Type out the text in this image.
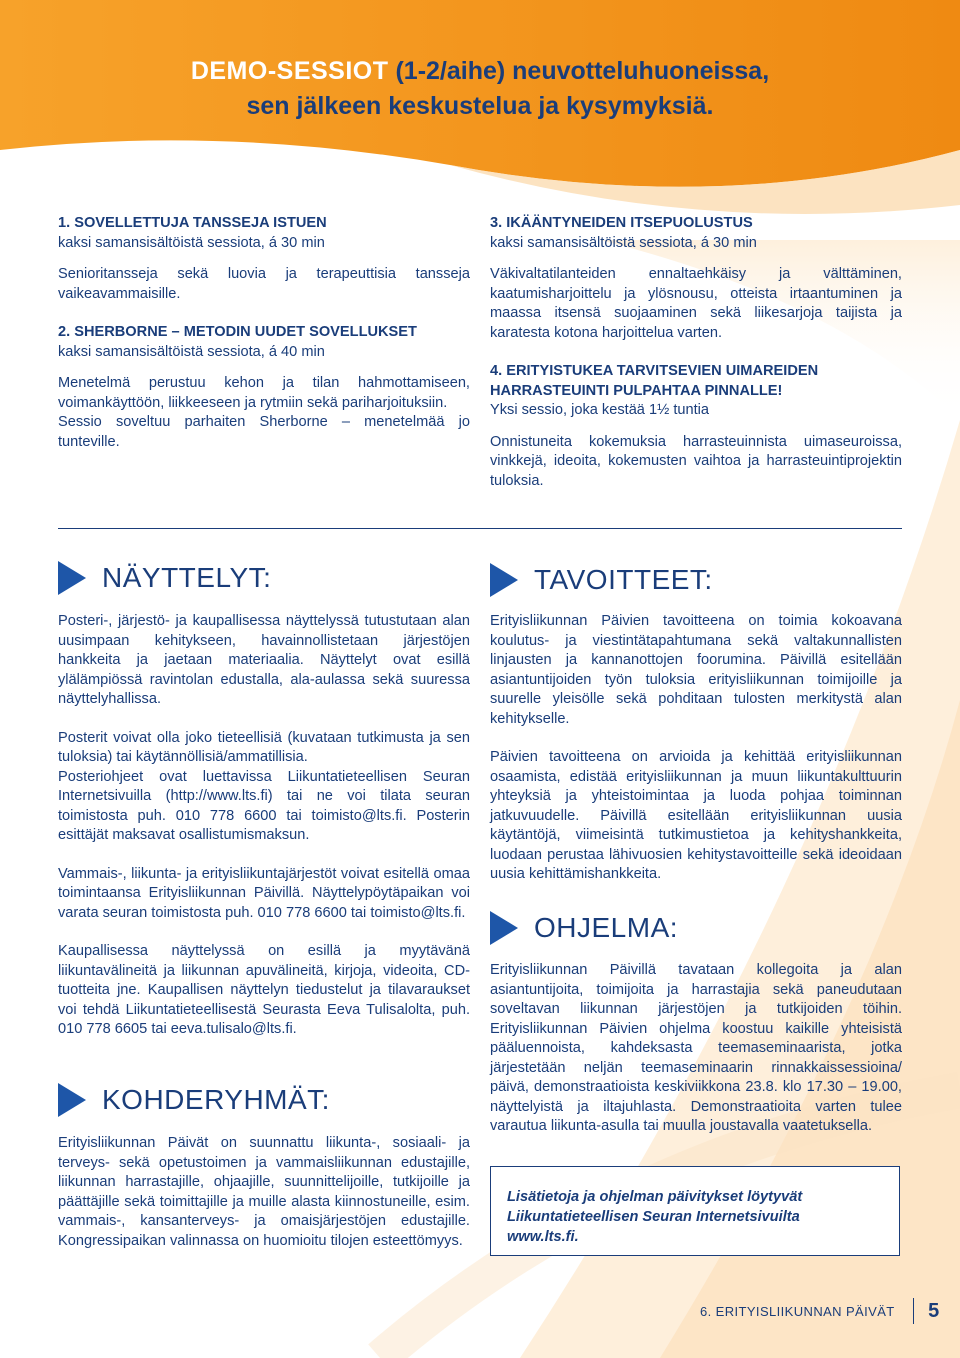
DEMO-SESSIOT (1-2/aihe) neuvotteluhuoneissa,
sen jälkeen keskustelua ja kysymyksiä.

1. SOVELLETTUJA TANSSEJA ISTUEN

kaksi samansisältöistä sessiota, á 30 min

Senioritansseja sekä luovia ja terapeuttisia tansseja vaikeavammaisille.

2. SHERBORNE – METODIN UUDET SOVELLUKSET

kaksi samansisältöistä sessiota, á 40 min

Menetelmä perustuu kehon ja tilan hahmottamiseen, voimankäyttöön, liikkeeseen ja rytmiin sekä pariharjoituksiin.

Sessio soveltuu parhaiten Sherborne – menetelmää jo tunteville.

3. IKÄÄNTYNEIDEN ITSEPUOLUSTUS

kaksi samansisältöistä sessiota, á 30 min

Väkivaltatilanteiden ennaltaehkäisy ja välttäminen, kaatumisharjoittelu ja ylösnousu, otteista irtaantuminen ja maassa itsensä suojaaminen sekä liikesarjoja taijista ja karatesta kotona harjoittelua varten.

4. ERITYISTUKEA TARVITSEVIEN UIMAREIDEN

HARRASTEUINTI PULPAHTAA PINNALLE!

Yksi sessio, joka kestää 1½ tuntia

Onnistuneita kokemuksia harrasteuinnista uimaseuroissa, vinkkejä, ideoita, kokemusten vaihtoa ja harrasteuintiprojektin tuloksia.

NÄYTTELYT:

Posteri-, järjestö- ja kaupallisessa näyttelyssä tutustutaan alan uusimpaan kehitykseen, havainnollistetaan järjestöjen hankkeita ja jaetaan materiaalia. Näyttelyt ovat esillä ylälämpiössä ravintolan edustalla, ala-aulassa sekä suuressa näyttelyhallissa.

Posterit voivat olla joko tieteellisiä (kuvataan tutkimusta ja sen tuloksia) tai käytännöllisiä/ammatillisia.

Posteriohjeet ovat luettavissa Liikuntatieteellisen Seuran Internetsivuilla (http://www.lts.fi) tai ne voi tilata seuran toimistosta puh. 010 778 6600 tai toimisto@lts.fi. Posterin esittäjät maksavat osallistumismaksun.

Vammais-, liikunta- ja erityisliikuntajärjestöt voivat esitellä omaa toimintaansa Erityisliikunnan Päivillä. Näyttelypöytäpaikan voi varata seuran toimistosta puh. 010 778 6600 tai toimisto@lts.fi.

Kaupallisessa näyttelyssä on esillä ja myytävänä liikuntavälineitä ja liikunnan apuvälineitä, kirjoja, videoita, CD-tuotteita jne. Kaupallisen näyttelyn tiedustelut ja tilavaraukset voi tehdä Liikuntatieteellisestä Seurasta Eeva Tulisalolta, puh. 010 778 6605 tai eeva.tulisalo@lts.fi.

KOHDERYHMÄT:

Erityisliikunnan Päivät on suunnattu liikunta-, sosiaali- ja terveys- sekä opetustoimen ja vammaisliikunnan edustajille, liikunnan harrastajille, ohjaajille, suunnittelijoille, tutkijoille ja päättäjille sekä toimittajille ja muille alasta kiinnostuneille, esim. vammais-, kansanterveys- ja omaisjärjestöjen edustajille. Kongressipaikan valinnassa on huomioitu tilojen esteettömyys.

TAVOITTEET:

Erityisliikunnan Päivien tavoitteena on toimia kokoavana koulutus- ja viestintätapahtumana sekä valtakunnallisten linjausten ja kannanottojen foorumina. Päivillä esitellään asiantuntijoiden työn tuloksia erityisliikunnan toimijoille ja suurelle yleisölle sekä pohditaan tulosten merkitystä alan kehitykselle.

Päivien tavoitteena on arvioida ja kehittää erityisliikunnan osaamista, edistää erityisliikunnan ja muun liikuntakulttuurin yhteyksiä ja yhteistoimintaa ja luoda pohjaa toiminnan jatkuvuudelle. Päivillä esitellään erityisliikunnan uusia käytäntöjä, viimeisintä tutkimustietoa ja kehityshankkeita, luodaan perustaa lähivuosien kehitystavoitteille sekä ideoidaan uusia kehittämishankkeita.

OHJELMA:

Erityisliikunnan Päivillä tavataan kollegoita ja alan asiantuntijoita, toimijoita ja harrastajia sekä paneudutaan soveltavan liikunnan järjestöjen ja tutkijoiden töihin. Erityisliikunnan Päivien ohjelma koostuu kaikille yhteisistä pääluennoista, kahdeksasta teemaseminaarista, jotka järjestetään neljän teemaseminaarin rinnakkaissessioina/ päivä, demonstraatioista keskiviikkona 23.8. klo 17.30 – 19.00, näyttelyistä ja iltajuhlasta. Demonstraatioita varten tulee varautua liikunta-asulla tai muulla joustavalla vaatetuksella.

Lisätietoja ja ohjelman päivitykset löytyvät
Liikuntatieteellisen Seuran Internetsivuilta
www.lts.fi.
6. ERITYISLIIKUNNAN PÄIVÄT 5
